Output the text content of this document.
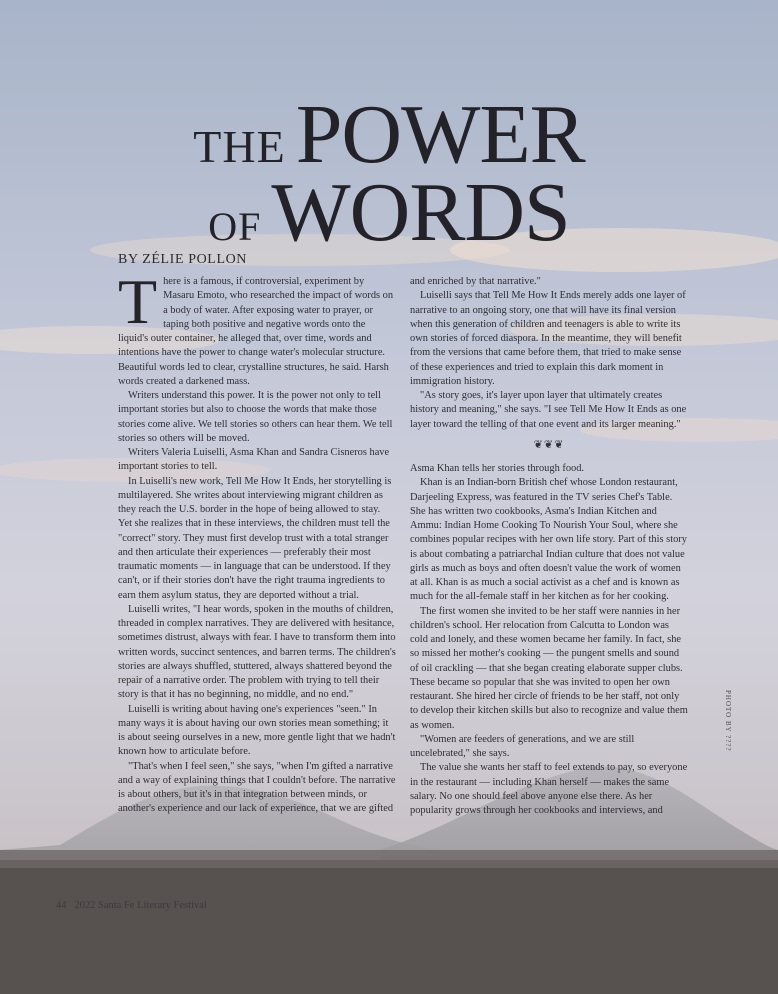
THE POWER
OF WORDS
BY ZÉLIE POLLON

There is a famous, if controversial, experiment by Masaru Emoto, who researched the impact of words on a body of water. After exposing water to prayer, or taping both positive and negative words onto the liquid's outer container, he alleged that, over time, words and intentions have the power to change water's molecular structure. Beautiful words led to clear, crystalline structures, he said. Harsh words created a darkened mass.

Writers understand this power. It is the power not only to tell important stories but also to choose the words that make those stories come alive. We tell stories so others can hear them. We tell stories so others will be moved.

Writers Valeria Luiselli, Asma Khan and Sandra Cisneros have important stories to tell.

In Luiselli's new work, Tell Me How It Ends, her storytelling is multilayered. She writes about interviewing migrant children as they reach the U.S. border in the hope of being allowed to stay. Yet she realizes that in these interviews, the children must tell the "correct" story. They must first develop trust with a total stranger and then articulate their experiences — preferably their most traumatic moments — in language that can be understood. If they can't, or if their stories don't have the right trauma ingredients to earn them asylum status, they are deported without a trial.

Luiselli writes, "I hear words, spoken in the mouths of children, threaded in complex narratives. They are delivered with hesitance, sometimes distrust, always with fear. I have to transform them into written words, succinct sentences, and barren terms. The children's stories are always shuffled, stuttered, always shattered beyond the repair of a narrative order. The problem with trying to tell their story is that it has no beginning, no middle, and no end."

Luiselli is writing about having one's experiences "seen." In many ways it is about having our own stories mean something; it is about seeing ourselves in a new, more gentle light that we hadn't known how to articulate before.

"That's when I feel seen," she says, "when I'm gifted a narrative and a way of explaining things that I couldn't before. The narrative is about others, but it's in that integration between minds, or another's experience and our lack of experience, that we are gifted

and enriched by that narrative."

Luiselli says that Tell Me How It Ends merely adds one layer of narrative to an ongoing story, one that will have its final version when this generation of children and teenagers is able to write its own stories of forced diaspora. In the meantime, they will benefit from the versions that came before them, that tried to make sense of these experiences and tried to explain this dark moment in immigration history.

"As story goes, it's layer upon layer that ultimately creates history and meaning," she says. "I see Tell Me How It Ends as one layer toward the telling of that one event and its larger meaning."

❦❦❦

Asma Khan tells her stories through food.

Khan is an Indian-born British chef whose London restaurant, Darjeeling Express, was featured in the TV series Chef's Table. She has written two cookbooks, Asma's Indian Kitchen and Ammu: Indian Home Cooking To Nourish Your Soul, where she combines popular recipes with her own life story. Part of this story is about combating a patriarchal Indian culture that does not value girls as much as boys and often doesn't value the work of women at all. Khan is as much a social activist as a chef and is known as much for the all-female staff in her kitchen as for her cooking.

The first women she invited to be her staff were nannies in her children's school. Her relocation from Calcutta to London was cold and lonely, and these women became her family. In fact, she so missed her mother's cooking — the pungent smells and sound of oil crackling — that she began creating elaborate supper clubs. These became so popular that she was invited to open her own restaurant. She hired her circle of friends to be her staff, not only to develop their kitchen skills but also to recognize and value them as women.

"Women are feeders of generations, and we are still uncelebrated," she says.

The value she wants her staff to feel extends to pay, so everyone in the restaurant — including Khan herself — makes the same salary. No one should feel above anyone else there. As her popularity grows through her cookbooks and interviews, and

PHOTO BY ????
44 2022 Santa Fe Literary Festival
